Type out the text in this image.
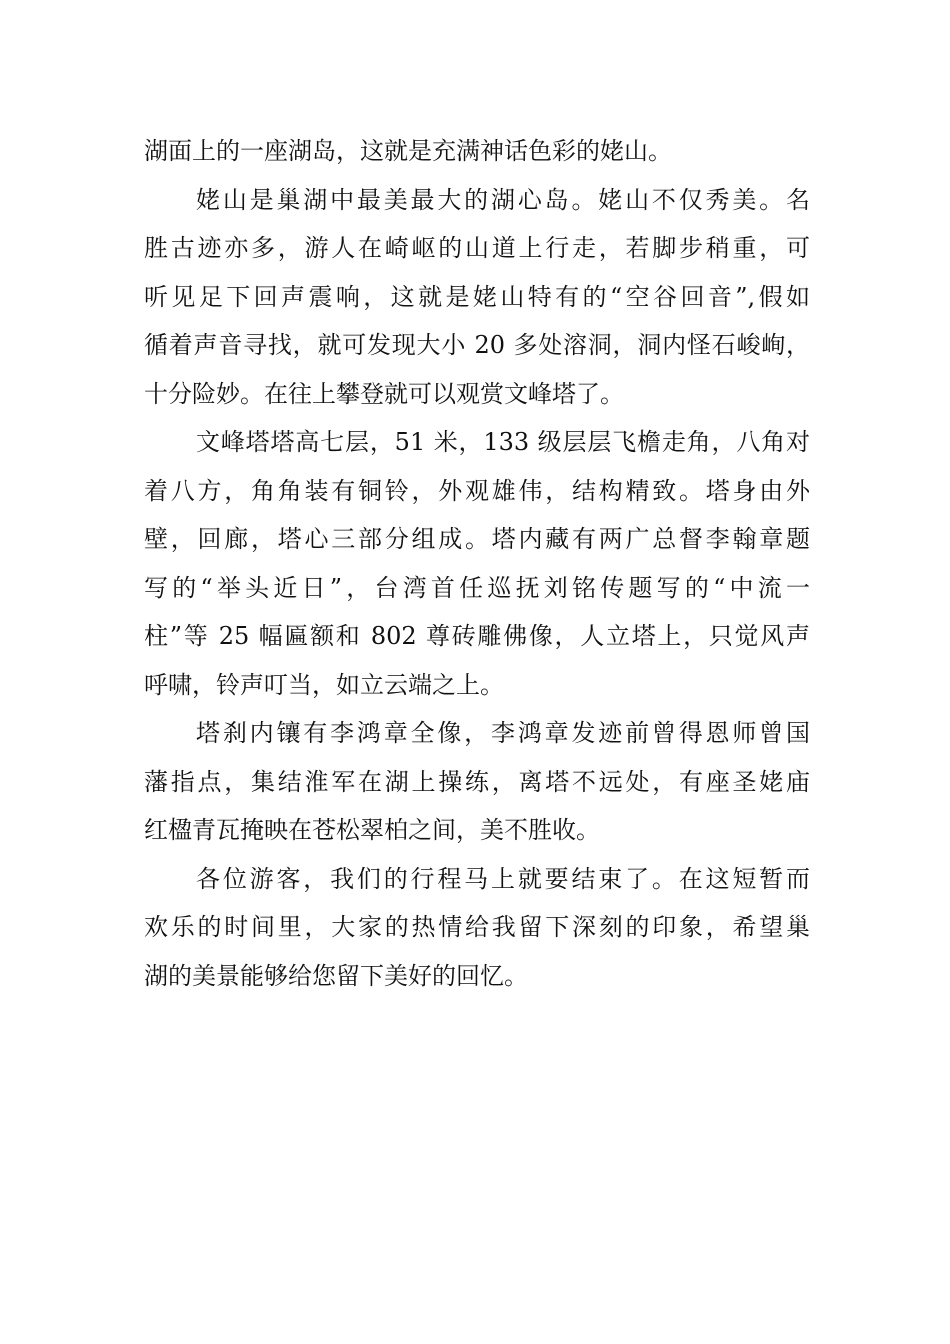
湖面上的一座湖岛，这就是充满神话色彩的姥山。
姥山是巢湖中最美最大的湖心岛。姥山不仅秀美。名
胜古迹亦多，游人在崎岖的山道上行走，若脚步稍重，可
听见足下回声震响，这就是姥山特有的“空谷回音”,假如
循着声音寻找，就可发现大小 20 多处溶洞，洞内怪石峻峋，
十分险妙。在往上攀登就可以观赏文峰塔了。
文峰塔塔高七层，51 米，133 级层层飞檐走角，八角对
着八方，角角装有铜铃，外观雄伟，结构精致。塔身由外
壁，回廊，塔心三部分组成。塔内藏有两广总督李翰章题
写的“举头近日”，台湾首任巡抚刘铭传题写的“中流一
柱”等 25 幅匾额和 802 尊砖雕佛像，人立塔上，只觉风声
呼啸，铃声叮当，如立云端之上。
塔刹内镶有李鸿章全像，李鸿章发迹前曾得恩师曾国
藩指点，集结淮军在湖上操练，离塔不远处，有座圣姥庙
红楹青瓦掩映在苍松翠柏之间，美不胜收。
各位游客，我们的行程马上就要结束了。在这短暂而
欢乐的时间里，大家的热情给我留下深刻的印象，希望巢
湖的美景能够给您留下美好的回忆。
